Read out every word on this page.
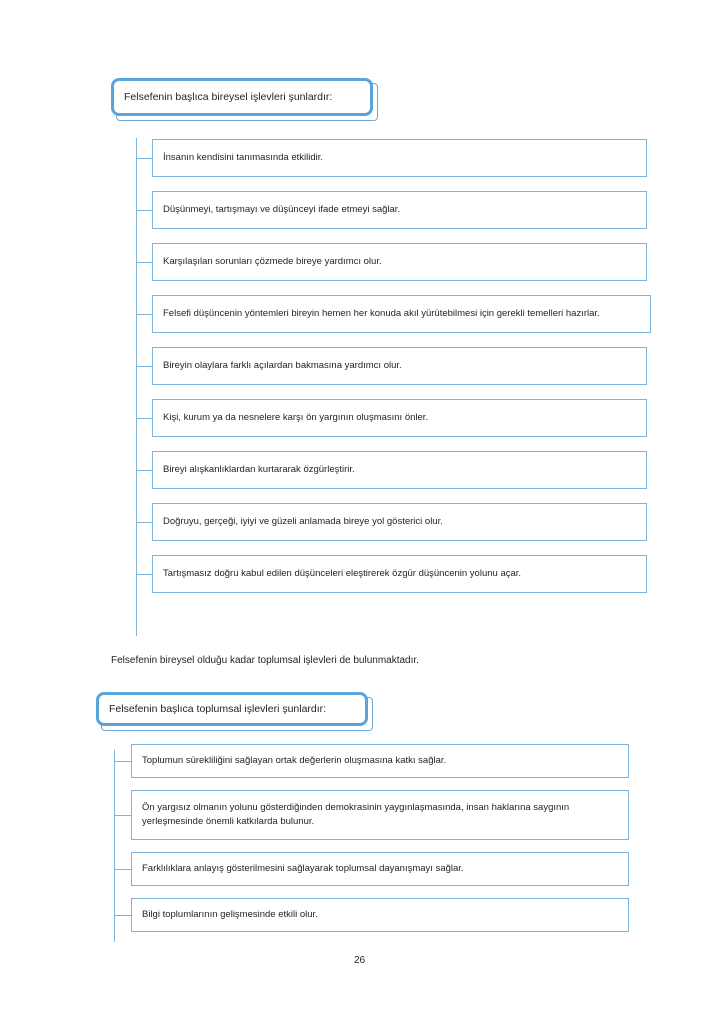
Felsefenin başlıca bireysel işlevleri şunlardır:
İnsanın kendisini tanımasında etkilidir.
Düşünmeyi, tartışmayı ve düşünceyi ifade etmeyi sağlar.
Karşılaşılan sorunları çözmede bireye yardımcı olur.
Felsefi düşüncenin yöntemleri bireyin hemen her konuda akıl yürütebilmesi için gerekli temelleri hazırlar.
Bireyin olaylara farklı açılardan bakmasına yardımcı olur.
Kişi, kurum ya da nesnelere karşı ön yargının oluşmasını önler.
Bireyi alışkanlıklardan kurtararak özgürleştirir.
Doğruyu, gerçeği, iyiyi ve güzeli anlamada bireye yol gösterici olur.
Tartışmasız doğru kabul edilen düşünceleri eleştirerek özgür düşüncenin yolunu açar.
Felsefenin bireysel olduğu kadar toplumsal işlevleri de bulunmaktadır.
Felsefenin başlıca toplumsal işlevleri şunlardır:
Toplumun sürekliliğini sağlayan ortak değerlerin oluşmasına katkı sağlar.
Ön yargısız olmanın yolunu gösterdiğinden demokrasinin yaygınlaşmasında, insan haklarına saygının yerleşmesinde önemli katkılarda bulunur.
Farklılıklara anlayış gösterilmesini sağlayarak toplumsal dayanışmayı sağlar.
Bilgi toplumlarının gelişmesinde etkili olur.
26
